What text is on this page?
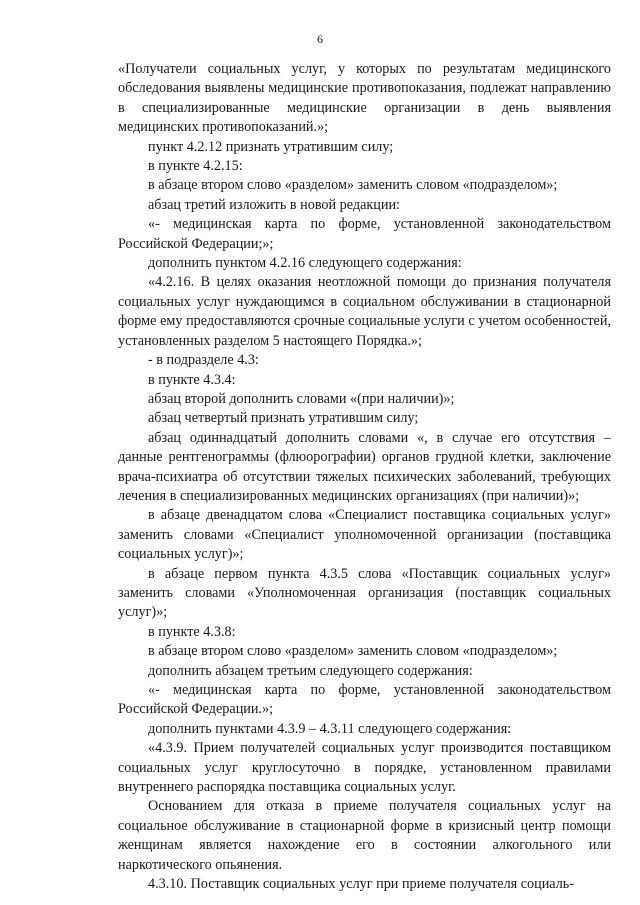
6

«Получатели социальных услуг, у которых по результатам медицинского обследования выявлены медицинские противопоказания, подлежат направлению в специализированные медицинские организации в день выявления медицинских противопоказаний.»;

пункт 4.2.12 признать утратившим силу;

в пункте 4.2.15:

в абзаце втором слово «разделом» заменить словом «подразделом»;

абзац третий изложить в новой редакции:

«- медицинская карта по форме, установленной законодательством Российской Федерации;»;

дополнить пунктом 4.2.16 следующего содержания:

«4.2.16. В целях оказания неотложной помощи до признания получателя социальных услуг нуждающимся в социальном обслуживании в стационарной форме ему предоставляются срочные социальные услуги с учетом особенностей, установленных разделом 5 настоящего Порядка.»;

- в подразделе 4.3:

в пункте 4.3.4:

абзац второй дополнить словами «(при наличии)»;

абзац четвертый признать утратившим силу;

абзац одиннадцатый дополнить словами «, в случае его отсутствия – данные рентгенограммы (флюорографии) органов грудной клетки, заключение врача-психиатра об отсутствии тяжелых психических заболеваний, требующих лечения в специализированных медицинских организациях (при наличии)»;

в абзаце двенадцатом слова «Специалист поставщика социальных услуг» заменить словами «Специалист уполномоченной организации (поставщика социальных услуг)»;

в абзаце первом пункта 4.3.5 слова «Поставщик социальных услуг» заменить словами «Уполномоченная организация (поставщик социальных услуг)»;

в пункте 4.3.8:

в абзаце втором слово «разделом» заменить словом «подразделом»;

дополнить абзацем третьим следующего содержания:

«- медицинская карта по форме, установленной законодательством Российской Федерации.»;

дополнить пунктами 4.3.9 – 4.3.11 следующего содержания:

«4.3.9. Прием получателей социальных услуг производится поставщиком социальных услуг круглосуточно в порядке, установленном правилами внутреннего распорядка поставщика социальных услуг.

Основанием для отказа в приеме получателя социальных услуг на социальное обслуживание в стационарной форме в кризисный центр помощи женщинам является нахождение его в состоянии алкогольного или наркотического опьянения.

4.3.10. Поставщик социальных услуг при приеме получателя социаль-
